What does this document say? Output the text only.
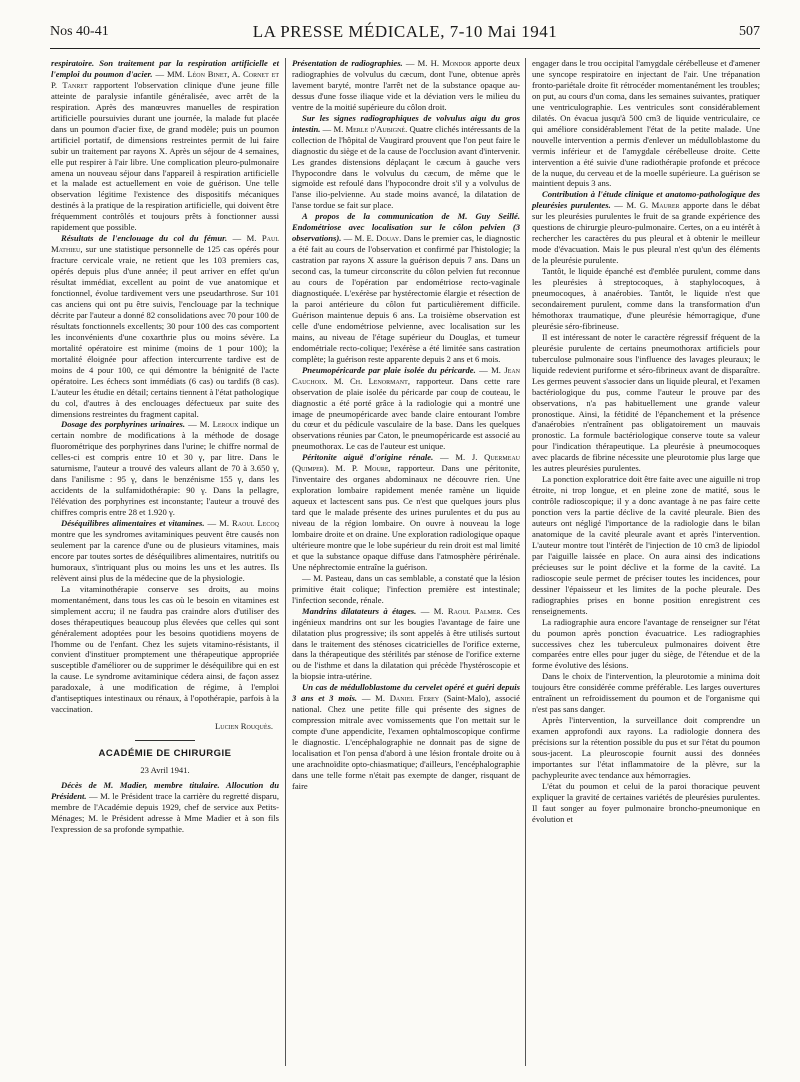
Nos 40-41	LA PRESSE MÉDICALE, 7-10 Mai 1941	507

respiratoire. Son traitement par la respiration artificielle et l'emploi du poumon d'acier. — MM. Léon Binet, A. Cornet et P. Tanret rapportent l'observation clinique d'une jeune fille atteinte de paralysie infantile généralisée, avec arrêt de la respiration. Après des manœuvres manuelles de respiration artificielle poursuivies durant une journée, la malade fut placée dans un poumon d'acier fixe, de grand modèle; puis un poumon artificiel portatif, de dimensions restreintes permit de lui faire subir un traitement par rayons X. Après un séjour de 4 semaines, elle put respirer à l'air libre. Une complication pleuro-pulmonaire amena un nouveau séjour dans l'appareil à respiration artificielle et la malade est actuellement en voie de guérison. Une telle observation légitime l'existence des dispositifs mécaniques destinés à la pratique de la respiration artificielle, qui doivent être fréquemment contrôlés et toujours prêts à fonctionner aussi rapidement que possible.

Résultats de l'enclouage du col du fémur. — M. Paul Mathieu, sur une statistique personnelle de 125 cas opérés pour fracture cervicale vraie, ne retient que les 103 premiers cas, opérés depuis plus d'une année; il peut arriver en effet qu'un résultat immédiat, excellent au point de vue anatomique et fonctionnel, évolue tardivement vers une pseudarthrose. Sur 101 cas anciens qui ont pu être suivis, l'enclouage par la technique décrite par l'auteur a donné 82 consolidations avec 70 pour 100 de résultats fonctionnels excellents; 30 pour 100 des cas comportent les inconvénients d'une coxarthrie plus ou moins sévère. La mortalité opératoire est minime (moins de 1 pour 100); la mortalité éloignée pour affection intercurrente tardive est de moins de 4 pour 100, ce qui démontre la bénignité de l'acte opératoire. Les échecs sont immédiats (6 cas) ou tardifs (8 cas). L'auteur les étudie en détail; certains tiennent à l'état pathologique du col, d'autres à des enclouages défectueux par suite des dimensions restreintes du fragment capital.

Dosage des porphyrines urinaires. — M. Leroux indique un certain nombre de modifications à la méthode de dosage fluorométrique des porphyrines dans l'urine; le chiffre normal de celles-ci est compris entre 10 et 30 γ, par litre. Dans le saturnisme, l'auteur a trouvé des valeurs allant de 70 à 3.650 γ, dans l'anilisme : 95 γ, dans le benzénisme 155 γ, dans les accidents de la sulfamidothérapie: 90 γ. Dans la pellagre, l'élévation des porphyrines est inconstante; l'auteur a trouvé des chiffres compris entre 28 et 1.920 γ.

Déséquilibres alimentaires et vitamines. — M. Raoul Lecoq montre que les syndromes avitaminiques peuvent être causés non seulement par la carence d'une ou de plusieurs vitamines, mais encore par toutes sortes de déséquilibres alimentaires, nutritifs ou humoraux, s'intriquant plus ou moins les uns et les autres. Ils relèvent ainsi plus de la médecine que de la physiologie.

La vitaminothérapie conserve ses droits, au moins momentanément, dans tous les cas où le besoin en vitamines est simplement accru; il ne faudra pas craindre alors d'utiliser des doses thérapeutiques beaucoup plus élevées que celles qui sont généralement adoptées pour les besoins quotidiens moyens de l'homme ou de l'enfant. Chez les sujets vitamino-résistants, il convient d'instituer promptement une thérapeutique appropriée susceptible d'améliorer ou de supprimer le déséquilibre qui en est la cause. Le syndrome avitaminique cédera ainsi, de façon assez paradoxale, à une modification de régime, à l'emploi d'antiseptiques intestinaux ou rénaux, à l'opothérapie, parfois à la vaccination.

Lucien Rouquès.
ACADÉMIE DE CHIRURGIE
23 Avril 1941.

Décès de M. Madier, membre titulaire. Allocution du Président. — M. le Président trace la carrière du regretté disparu, membre de l'Académie depuis 1929, chef de service aux Petits-Ménages; M. le Président adresse à Mme Madier et à son fils l'expression de sa profonde sympathie.

Présentation de radiographies. — M. H. Mondor apporte deux radiographies de volvulus du cæcum, dont l'une, obtenue après lavement baryté, montre l'arrêt net de la substance opaque au-dessus d'une fosse iliaque vide et la déviation vers le milieu du ventre de la moitié supérieure du côlon droit.

Sur les signes radiographiques de volvulus aigu du gros intestin. — M. Merle d'Aubigné. Quatre clichés intéressants de la collection de l'hôpital de Vaugirard prouvent que l'on peut faire le diagnostic du siège et de la cause de l'occlusion avant d'intervenir. Les grandes distensions déplaçant le cæcum à gauche vers l'hypocondre dans le volvulus du cæcum, de même que le sigmoïde est refoulé dans l'hypocondre droit s'il y a volvulus de l'anse ilio-pelvienne. Au stade moins avancé, la dilatation de l'anse tordue se fait sur place.

A propos de la communication de M. Guy Seillé. Endométriose avec localisation sur le côlon pelvien (3 observations). — M. E. Douay. Dans le premier cas, le diagnostic a été fait au cours de l'observation et confirmé par l'histologie; la castration par rayons X assure la guérison depuis 7 ans. Dans un second cas, la tumeur circonscrite du côlon pelvien fut reconnue au cours de l'opération par endométriose recto-vaginale diagnostiquée. L'exérèse par hystérectomie élargie et résection de la paroi antérieure du côlon fut particulièrement difficile. Guérison maintenue depuis 6 ans. La troisième observation est celle d'une endométriose pelvienne, avec localisation sur les mains, au niveau de l'étage supérieur du Douglas, et tumeur endométriale recto-colique; l'exérèse a été limitée sans castration complète; la guérison reste apparente depuis 2 ans et 6 mois.

Pneumopéricarde par plaie isolée du péricarde. — M. Jean Cauchoix. M. Ch. Lenormant, rapporteur. Dans cette rare observation de plaie isolée du péricarde par coup de couteau, le diagnostic a été porté grâce à la radiologie qui a montré une image de pneumopéricarde avec bande claire entourant l'ombre du cœur et du pédicule vasculaire de la base. Dans les quelques observations réunies par Caton, le pneumopéricarde est associé au pneumothorax. Le cas de l'auteur est unique.

Péritonite aiguë d'origine rénale. — M. J. Quermeau (Quimper). M. P. Moure, rapporteur. Dans une péritonite, l'inventaire des organes abdominaux ne découvre rien. Une exploration lombaire rapidement menée ramène un liquide aqueux et lactescent sans pus. Ce n'est que quelques jours plus tard que le malade présente des urines purulentes et du pus au niveau de la région lombaire. On ouvre à nouveau la loge lombaire droite et on draine. Une exploration radiologique opaque ultérieure montre que le lobe supérieur du rein droit est mal limité et que la substance opaque diffuse dans l'atmosphère périrénale. Une néphrectomie entraîne la guérison.

— M. Pasteau, dans un cas semblable, a constaté que la lésion primitive était colique; l'infection première est intestinale; l'infection seconde, rénale.

Mandrins dilatateurs à étages. — M. Raoul Palmer. Ces ingénieux mandrins ont sur les bougies l'avantage de faire une dilatation plus progressive; ils sont appelés à être utilisés surtout dans le traitement des sténoses cicatricielles de l'orifice externe, dans la thérapeutique des stérilités par sténose de l'orifice externe ou de l'isthme et dans la dilatation qui précède l'hystéroscopie et la biopsie intra-utérine.

Un cas de médulloblastome du cervelet opéré et guéri depuis 3 ans et 3 mois. — M. Daniel Ferey (Saint-Malo), associé national. Chez une petite fille qui présente des signes de compression mitrale avec vomissements que l'on mettait sur le compte d'une appendicite, l'examen ophtalmoscopique confirme le diagnostic. L'encéphalographie ne donnait pas de signe de localisation et l'on pensa d'abord à une lésion frontale droite ou à une arachnoïdite opto-chiasmatique; d'ailleurs, l'encéphalographie dans une telle forme n'était pas exempte de danger, risquant de faire

engager dans le trou occipital l'amygdale cérébelleuse et d'amener une syncope respiratoire en injectant de l'air. Une trépanation fronto-pariétale droite fit rétrocéder momentanément les troubles; on put, au cours d'un coma, dans les semaines suivantes, pratiquer une ventriculographie. Les ventricules sont considérablement dilatés. On évacua jusqu'à 500 cm3 de liquide ventriculaire, ce qui améliore considérablement l'état de la petite malade. Une nouvelle intervention a permis d'enlever un médulloblastome du vermis inférieur et de l'amygdale cérébelleuse droite. Cette intervention a été suivie d'une radiothérapie profonde et précoce de la nuque, du cerveau et de la moelle supérieure. La guérison se maintient depuis 3 ans.

Contribution à l'étude clinique et anatomo-pathologique des pleurésies purulentes. — M. G. Maurer apporte dans le débat sur les pleurésies purulentes le fruit de sa grande expérience des questions de chirurgie pleuro-pulmonaire. Certes, on a eu intérêt à rechercher les caractères du pus pleural et à obtenir le meilleur mode d'évacuation. Mais le pus pleural n'est qu'un des éléments de la pleurésie purulente.

Tantôt, le liquide épanché est d'emblée purulent, comme dans les pleurésies à streptocoques, à staphylocoques, à pneumocoques, à anaérobies. Tantôt, le liquide n'est que secondairement purulent, comme dans la transformation d'un hémothorax traumatique, d'une pleurésie hémorragique, d'une pleurésie séro-fibrineuse.

Il est intéressant de noter le caractère régressif fréquent de la pleurésie purulente de certains pneumothorax artificiels pour tuberculose pulmonaire sous l'influence des lavages pleuraux; le liquide redevient puriforme et séro-fibrineux avant de disparaître. Les germes peuvent s'associer dans un liquide pleural, et l'examen bactériologique du pus, comme l'auteur le prouve par des observations, n'a pas habituellement une grande valeur pronostique. Ainsi, la fétidité de l'épanchement et la présence d'anaérobies n'entraînent pas obligatoirement un mauvais pronostic. La formule bactériologique conserve toute sa valeur pour l'indication thérapeutique. La pleurésie à pneumocoques avec placards de fibrine nécessite une pleurotomie plus large que les autres pleurésies purulentes.

La ponction exploratrice doit être faite avec une aiguille ni trop étroite, ni trop longue, et en pleine zone de matité, sous le contrôle radioscopique; il y a donc avantage à ne pas faire cette ponction vers la partie déclive de la cavité pleurale. Bien des auteurs ont négligé l'importance de la radiologie dans le bilan anatomique de la cavité pleurale avant et après l'intervention. L'auteur montre tout l'intérêt de l'injection de 10 cm3 de lipiodol par l'aiguille laissée en place. On aura ainsi des indications précieuses sur le point déclive et la forme de la cavité. La radioscopie seule permet de préciser toutes les incidences, pour dessiner l'épaisseur et les limites de la poche pleurale. Des radiographies prises en bonne position enregistrent ces renseignements.

La radiographie aura encore l'avantage de renseigner sur l'état du poumon après ponction évacuatrice. Les radiographies successives chez les tuberculeux pulmonaires doivent être comparées entre elles pour juger du siège, de l'étendue et de la forme évolutive des lésions.

Dans le choix de l'intervention, la pleurotomie a minima doit toujours être considérée comme préférable. Les larges ouvertures entraînent un refroidissement du poumon et de l'organisme qui n'est pas sans danger.

Après l'intervention, la surveillance doit comprendre un examen approfondi aux rayons. La radiologie donnera des précisions sur la rétention possible du pus et sur l'état du poumon sous-jacent. La pleuroscopie fournit aussi des données importantes sur l'état inflammatoire de la plèvre, sur la pachypleurite avec tendance aux hémorragies.

L'état du poumon et celui de la paroi thoracique peuvent expliquer la gravité de certaines variétés de pleurésies purulentes. Il faut songer au foyer pulmonaire broncho-pneumonique en évolution et
